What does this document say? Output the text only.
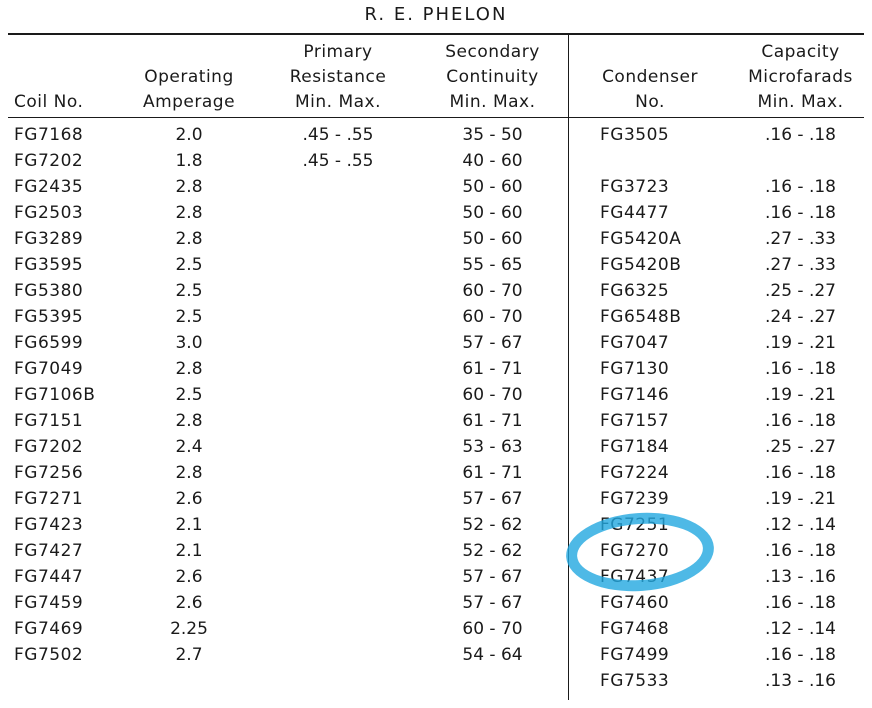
R. E. PHELON
Coil No.
Operating
Amperage
Primary
Resistance
Min. Max.
Secondary
Continuity
Min. Max.
Condenser
No.
Capacity
Microfarads
Min. Max.
FG7168
FG7202
FG2435
FG2503
FG3289
FG3595
FG5380
FG5395
FG6599
FG7049
FG7106B
FG7151
FG7202
FG7256
FG7271
FG7423
FG7427
FG7447
FG7459
FG7469
FG7502
2.0
1.8
2.8
2.8
2.8
2.5
2.5
2.5
3.0
2.8
2.5
2.8
2.4
2.8
2.6
2.1
2.1
2.6
2.6
2.25
2.7
.45 - .55
.45 - .55
35 - 50
40 - 60
50 - 60
50 - 60
50 - 60
55 - 65
60 - 70
60 - 70
57 - 67
61 - 71
60 - 70
61 - 71
53 - 63
61 - 71
57 - 67
52 - 62
52 - 62
57 - 67
57 - 67
60 - 70
54 - 64
FG3505
FG3723
FG4477
FG5420A
FG5420B
FG6325
FG6548B
FG7047
FG7130
FG7146
FG7157
FG7184
FG7224
FG7239
FG7251
FG7270
FG7437
FG7460
FG7468
FG7499
FG7533
.16 - .18
.16 - .18
.16 - .18
.27 - .33
.27 - .33
.25 - .27
.24 - .27
.19 - .21
.16 - .18
.19 - .21
.16 - .18
.25 - .27
.16 - .18
.19 - .21
.12 - .14
.16 - .18
.13 - .16
.16 - .18
.12 - .14
.16 - .18
.13 - .16
